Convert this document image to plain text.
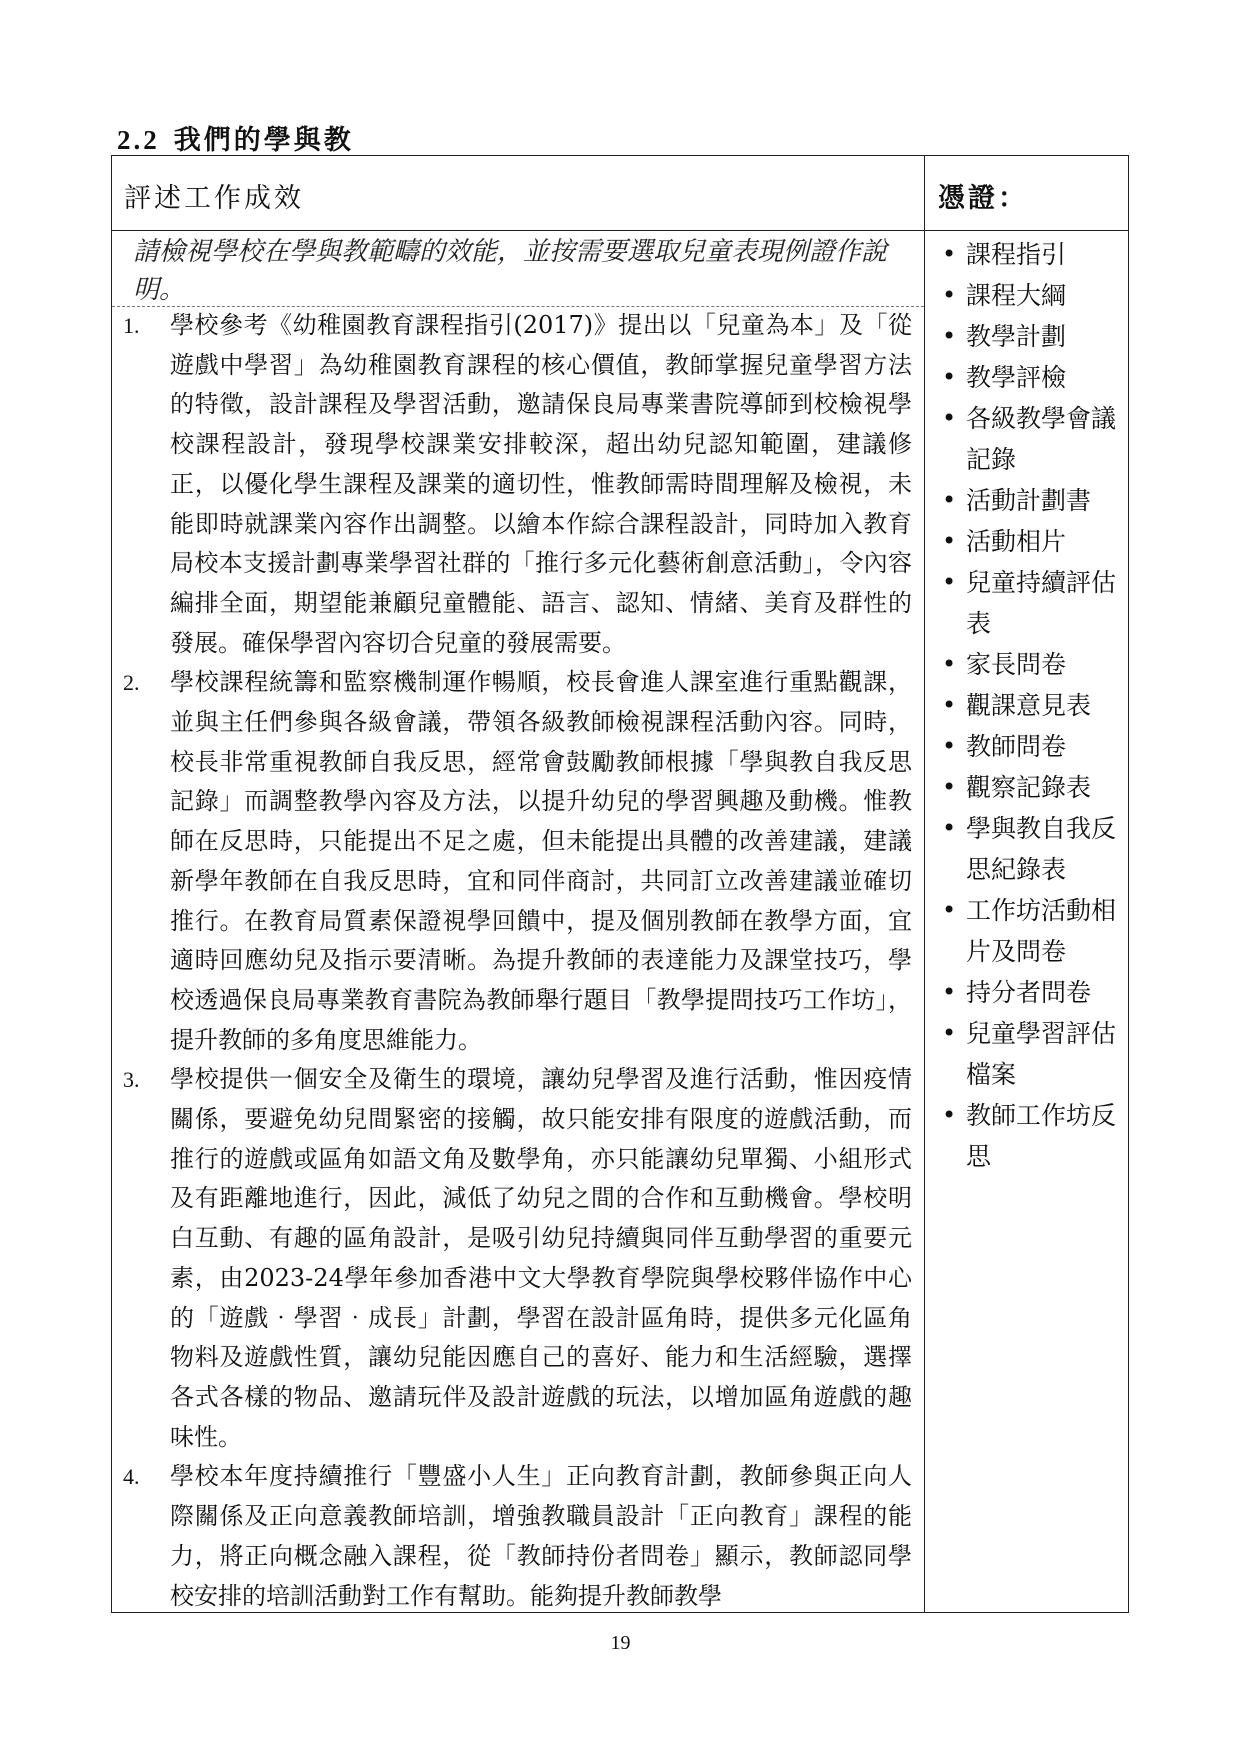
2.2 我們的學與教
評述工作成效	憑證：
請檢視學校在學與教範疇的效能，並按需要選取兒童表現例證作說明。
1. 學校參考《幼稚園教育課程指引(2017)》提出以「兒童為本」及「從遊戲中學習」為幼稚園教育課程的核心價值，教師掌握兒童學習方法的特徵，設計課程及學習活動，邀請保良局專業書院導師到校檢視學校課程設計，發現學校課業安排較深，超出幼兒認知範圍，建議修正，以優化學生課程及課業的適切性，惟教師需時間理解及檢視，未能即時就課業內容作出調整。以繪本作綜合課程設計，同時加入教育局校本支援計劃專業學習社群的「推行多元化藝術創意活動」，令內容編排全面，期望能兼顧兒童體能、語言、認知、情緒、美育及群性的發展。確保學習內容切合兒童的發展需要。
2. 學校課程統籌和監察機制運作暢順，校長會進人課室進行重點觀課，並與主任們參與各級會議，帶領各級教師檢視課程活動內容。同時，校長非常重視教師自我反思，經常會鼓勵教師根據「學與教自我反思記錄」而調整教學內容及方法，以提升幼兒的學習興趣及動機。惟教師在反思時，只能提出不足之處，但未能提出具體的改善建議，建議新學年教師在自我反思時，宜和同伴商討，共同訂立改善建議並確切推行。在教育局質素保證視學回饋中，提及個別教師在教學方面，宜適時回應幼兒及指示要清晰。為提升教師的表達能力及課堂技巧，學校透過保良局專業教育書院為教師舉行題目「教學提問技巧工作坊」，提升教師的多角度思維能力。
3. 學校提供一個安全及衛生的環境，讓幼兒學習及進行活動，惟因疫情關係，要避免幼兒間緊密的接觸，故只能安排有限度的遊戲活動，而推行的遊戲或區角如語文角及數學角，亦只能讓幼兒單獨、小組形式及有距離地進行，因此，減低了幼兒之間的合作和互動機會。學校明白互動、有趣的區角設計，是吸引幼兒持續與同伴互動學習的重要元素，由2023-24學年參加香港中文大學教育學院與學校夥伴協作中心的「遊戲‧學習‧成長」計劃，學習在設計區角時，提供多元化區角物料及遊戲性質，讓幼兒能因應自己的喜好、能力和生活經驗，選擇各式各樣的物品、邀請玩伴及設計遊戲的玩法，以增加區角遊戲的趣味性。
4. 學校本年度持續推行「豐盛小人生」正向教育計劃，教師參與正向人際關係及正向意義教師培訓，增強教職員設計「正向教育」課程的能力，將正向概念融入課程，從「教師持份者問卷」顯示，教師認同學校安排的培訓活動對工作有幫助。能夠提升教師教學
• 課程指引
• 課程大綱
• 教學計劃
• 教學評檢
• 各級教學會議記錄
• 活動計劃書
• 活動相片
• 兒童持續評估表
• 家長問卷
• 觀課意見表
• 教師問卷
• 觀察記錄表
• 學與教自我反思紀錄表
• 工作坊活動相片及問卷
• 持分者問卷
• 兒童學習評估檔案
• 教師工作坊反思
19
